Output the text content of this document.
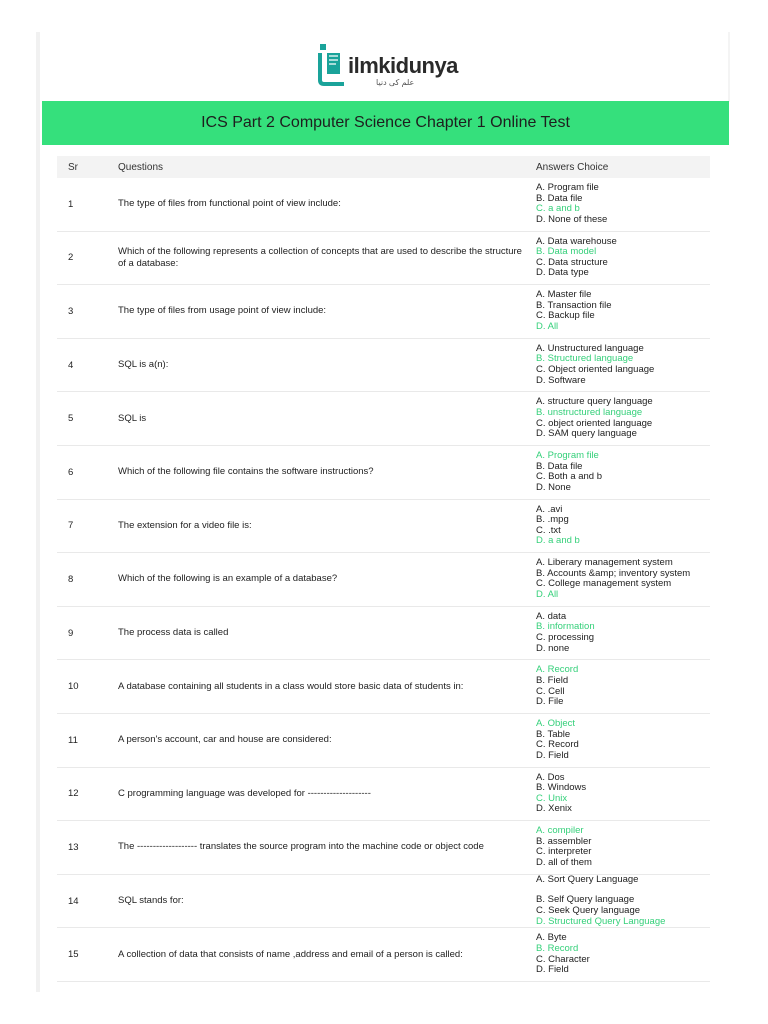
ilmkidunya
علم کی دنیا
ICS Part 2 Computer Science Chapter 1 Online Test
Sr	Questions	Answers Choice
1	The type of files from functional point of view include:
A. Program file
B. Data file
C. a and b
D. None of these
2
Which of the following represents a collection of concepts that are used to describe the structure of a database:
A. Data warehouse
B. Data model
C. Data structure
D. Data type
3	The type of files from usage point of view include:
A. Master file
B. Transaction file
C. Backup file
D. All
4	SQL is a(n):
A. Unstructured language
B. Structured language
C. Object oriented language
D. Software
5	SQL is
A. structure query language
B. unstructured language
C. object oriented language
D. SAM query language
6	Which of the following file contains the software instructions?
A. Program file
B. Data file
C. Both a and b
D. None
7	The extension for a video file is:
A. .avi
B. .mpg
C. .txt
D. a and b
8	Which of the following is an example of a database?
A. Liberary management system
B. Accounts &amp; inventory system
C. College management system
D. All
9	The process data is called
A. data
B. information
C. processing
D. none
10	A database containing all students in a class would store basic data of students in:
A. Record
B. Field
C. Cell
D. File
11	A person's account, car and house are considered:
A. Object
B. Table
C. Record
D. Field
12	C programming language was developed for --------------------
A. Dos
B. Windows
C. Unix
D. Xenix
13	The ------------------- translates the source program into the machine code or object code
A. compiler
B. assembler
C. interpreter
D. all of them
14	SQL stands for:
A. Sort Query Language
B. Self Query language
C. Seek Query language
D. Structured Query Language
15	A collection of data that consists of name ,address and email of a person is called:
A. Byte
B. Record
C. Character
D. Field
